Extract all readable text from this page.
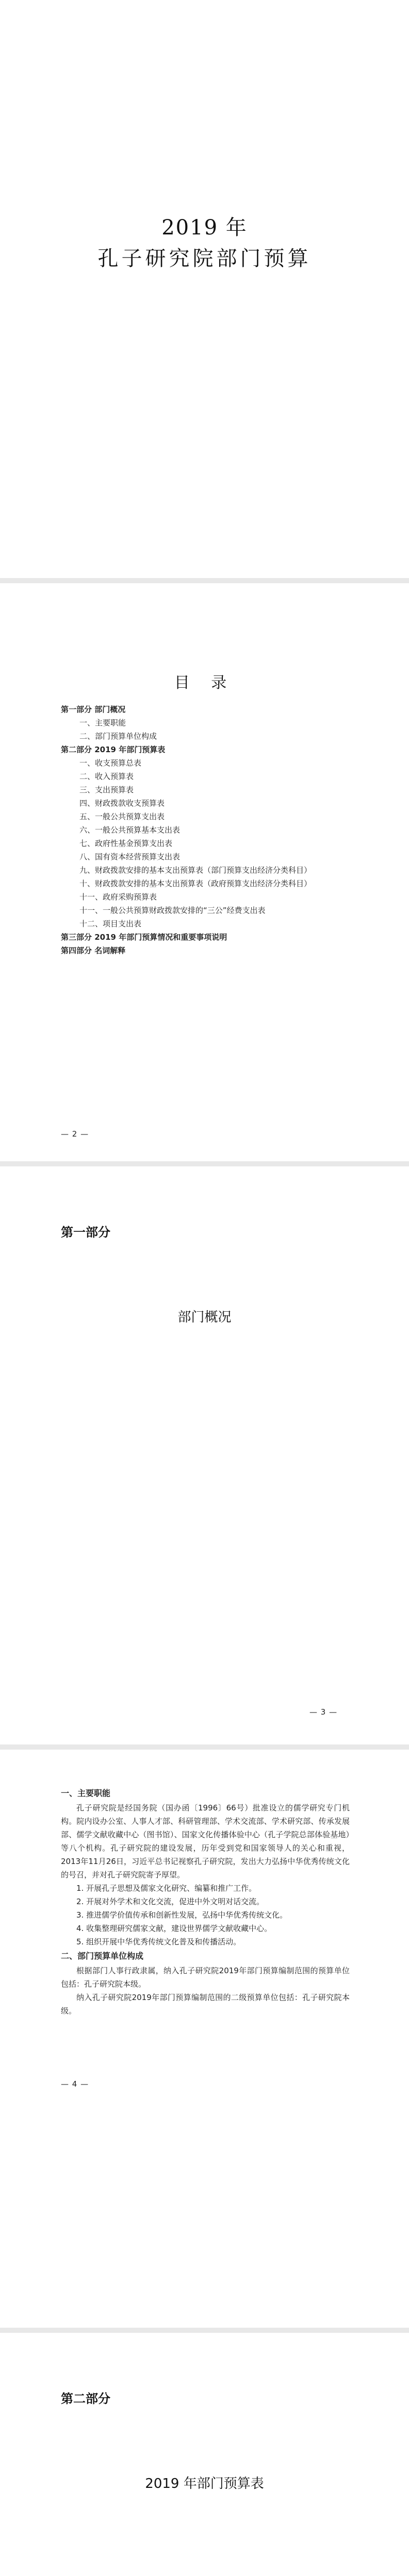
2019 年
孔子研究院部门预算
目 录
第一部分 部门概况
一、主要职能
二、部门预算单位构成
第二部分 2019 年部门预算表
一、收支预算总表
二、收入预算表
三、支出预算表
四、财政拨款收支预算表
五、一般公共预算支出表
六、一般公共预算基本支出表
七、政府性基金预算支出表
八、国有资本经营预算支出表
九、财政拨款安排的基本支出预算表（部门预算支出经济分类科目）
十、财政拨款安排的基本支出预算表（政府预算支出经济分类科目）
十一、政府采购预算表
十一、一般公共预算财政拨款安排的“三公”经费支出表
十二、项目支出表
第三部分 2019 年部门预算情况和重要事项说明
第四部分 名词解释
— 2 —
第一部分
部门概况
— 3 —
一、主要职能

孔子研究院是经国务院（国办函〔1996〕66号）批准设立的儒学研究专门机构。院内设办公室、人事人才部、科研管理部、学术交流部、学术研究部、传承发展部、儒学文献收藏中心（图书馆）、国家文化传播体验中心（孔子学院总部体验基地）等八个机构。孔子研究院的建设发展，历年受到党和国家领导人的关心和重视，2013年11月26日，习近平总书记视察孔子研究院，发出大力弘扬中华优秀传统文化的号召，并对孔子研究院寄予厚望。

1. 开展孔子思想及儒家文化研究、编纂和推广工作。

2. 开展对外学术和文化交流，促进中外文明对话交流。

3. 推进儒学价值传承和创新性发展，弘扬中华优秀传统文化。

4. 收集整理研究儒家文献，建设世界儒学文献收藏中心。

5. 组织开展中华优秀传统文化普及和传播活动。

二、部门预算单位构成

根据部门人事行政隶属，纳入孔子研究院2019年部门预算编制范围的预算单位包括：孔子研究院本级。

纳入孔子研究院2019年部门预算编制范围的二级预算单位包括：孔子研究院本级。

— 4 —
第二部分
2019 年部门预算表
